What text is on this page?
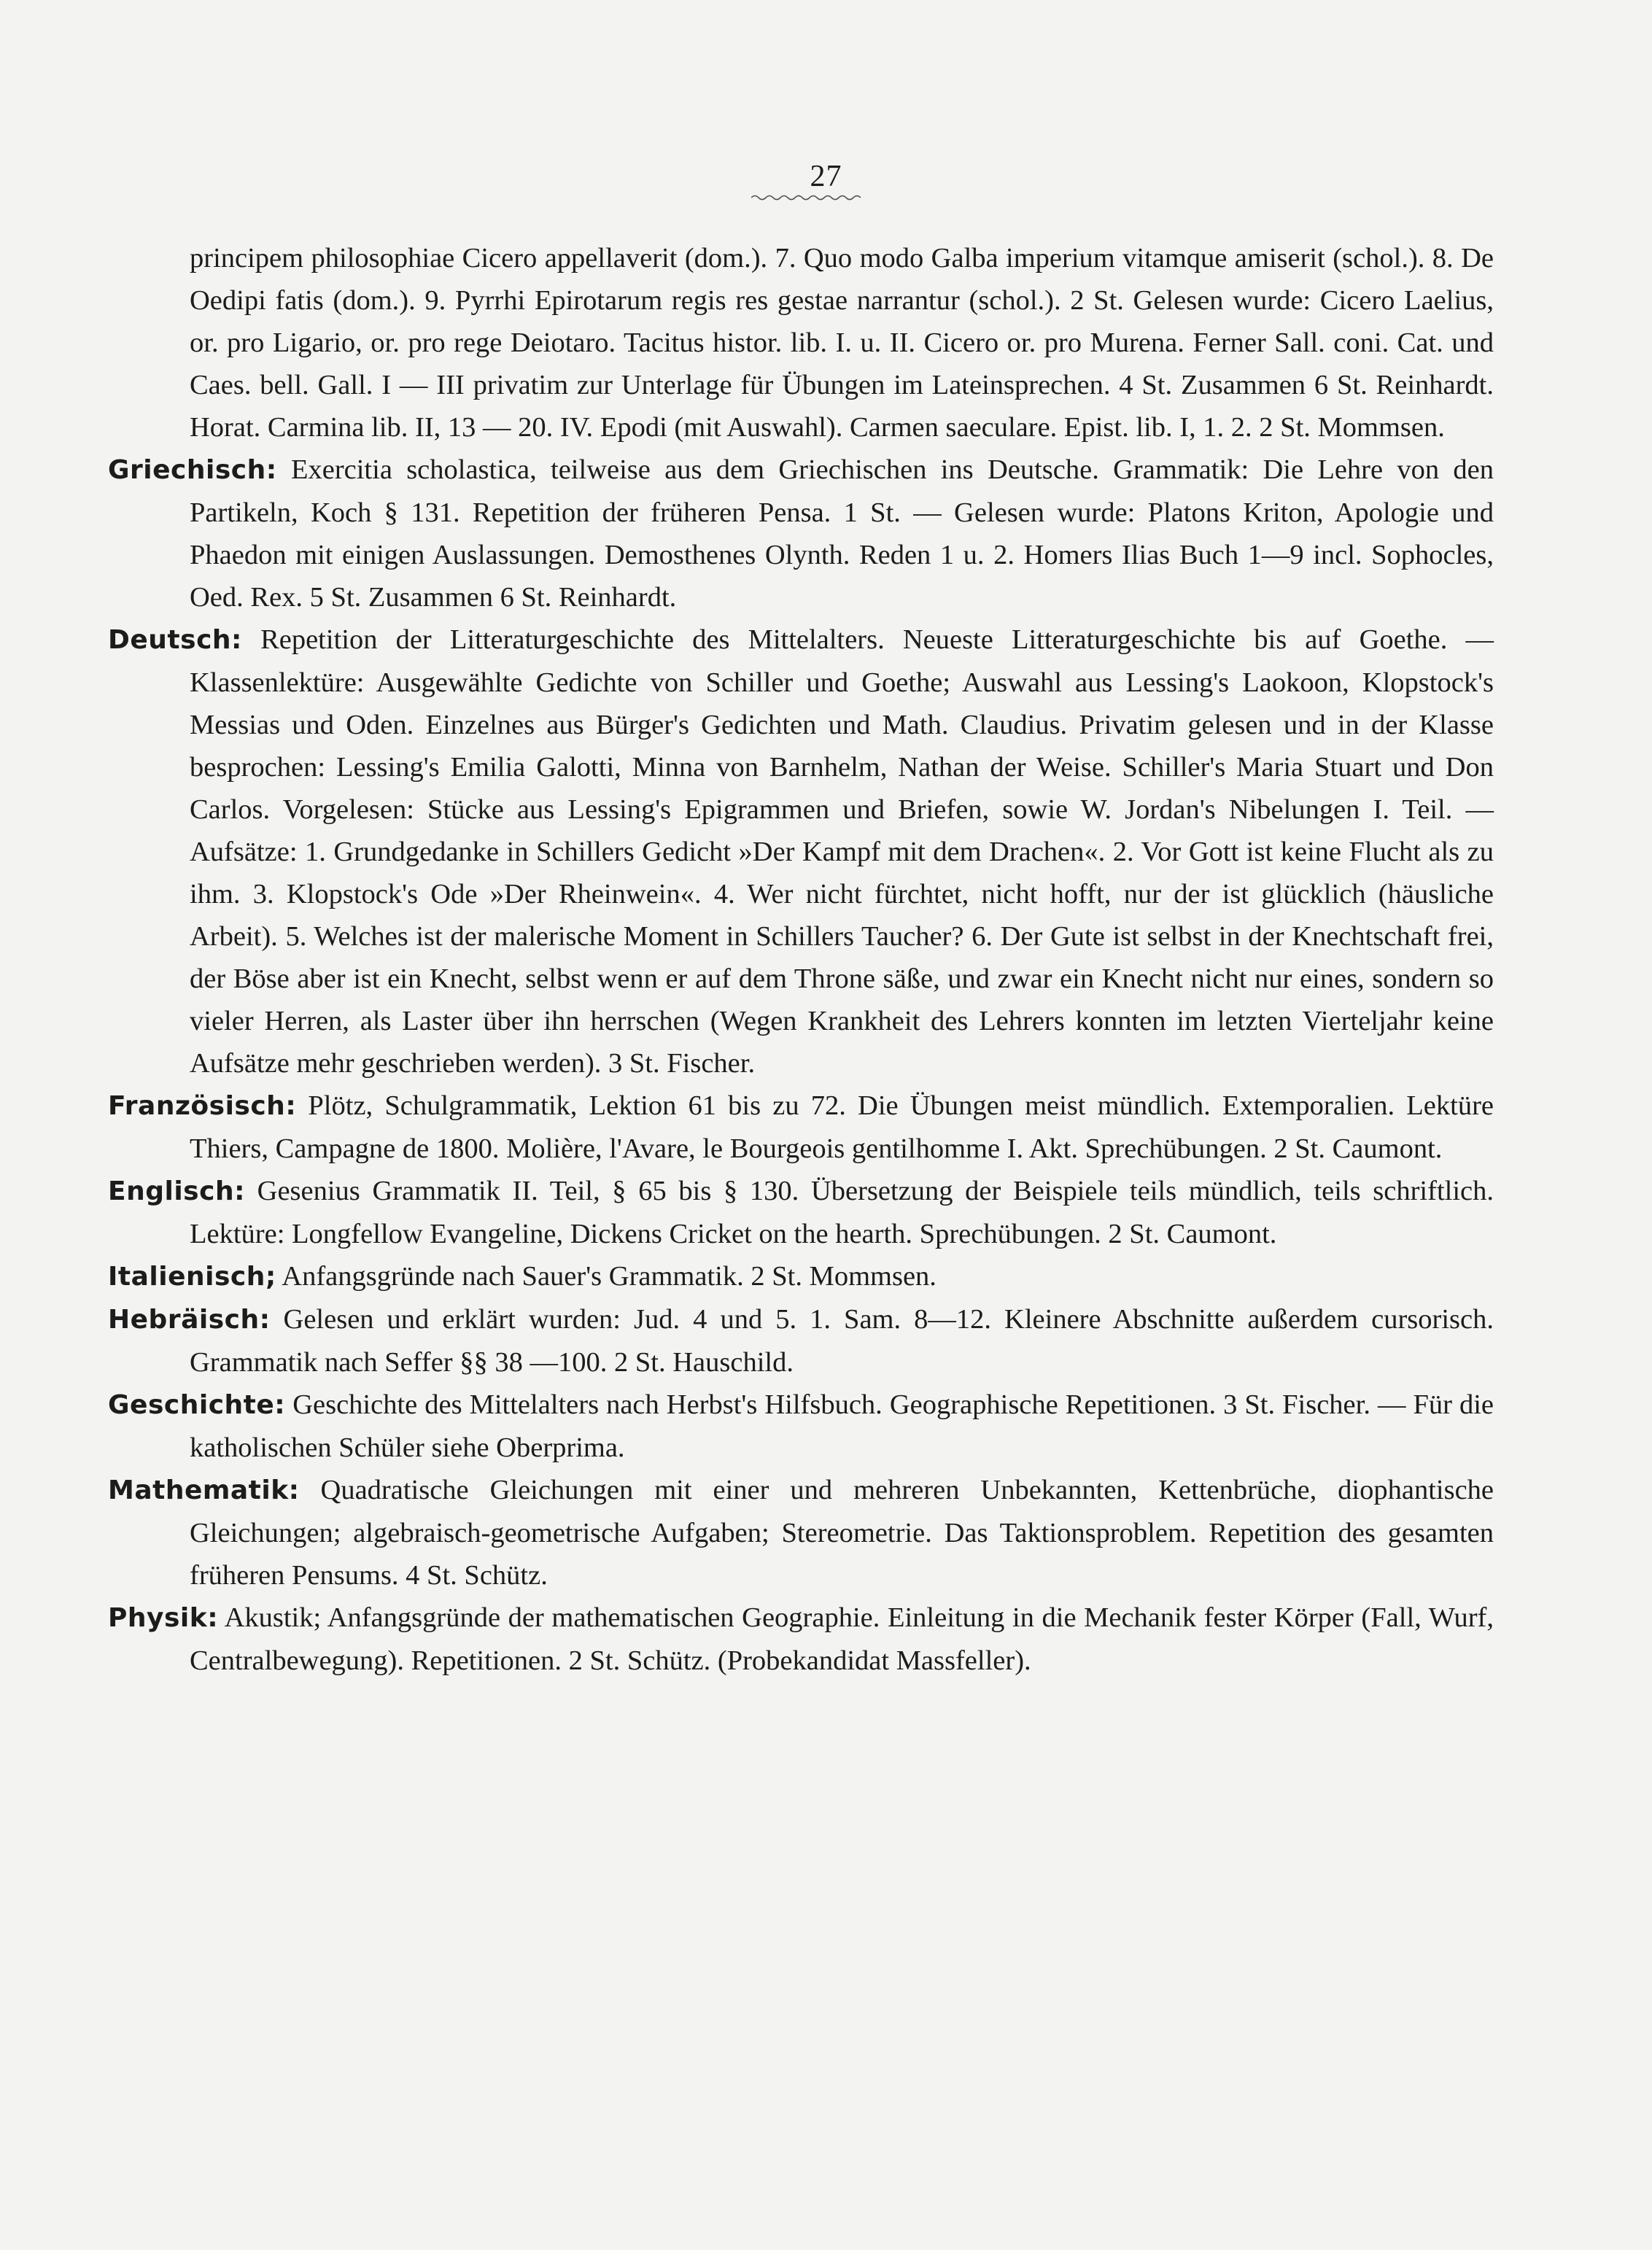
27

principem philosophiae Cicero appellaverit (dom.). 7. Quo modo Galba imperium vitamque amiserit (schol.). 8. De Oedipi fatis (dom.). 9. Pyrrhi Epirotarum regis res gestae narrantur (schol.). 2 St. Gelesen wurde: Cicero Laelius, or. pro Ligario, or. pro rege Deiotaro. Tacitus histor. lib. I. u. II. Cicero or. pro Murena. Ferner Sall. coni. Cat. und Caes. bell. Gall. I — III privatim zur Unterlage für Übungen im Lateinsprechen. 4 St. Zusammen 6 St. Reinhardt. Horat. Carmina lib. II, 13 — 20. IV. Epodi (mit Auswahl). Carmen saeculare. Epist. lib. I, 1. 2. 2 St. Mommsen.

Griechisch: Exercitia scholastica, teilweise aus dem Griechischen ins Deutsche. Grammatik: Die Lehre von den Partikeln, Koch § 131. Repetition der früheren Pensa. 1 St. — Gelesen wurde: Platons Kriton, Apologie und Phaedon mit einigen Auslassungen. Demosthenes Olynth. Reden 1 u. 2. Homers Ilias Buch 1—9 incl. Sophocles, Oed. Rex. 5 St. Zusammen 6 St. Reinhardt.

Deutsch: Repetition der Litteraturgeschichte des Mittelalters. Neueste Litteraturgeschichte bis auf Goethe. — Klassenlektüre: Ausgewählte Gedichte von Schiller und Goethe; Auswahl aus Lessing's Laokoon, Klopstock's Messias und Oden. Einzelnes aus Bürger's Gedichten und Math. Claudius. Privatim gelesen und in der Klasse besprochen: Lessing's Emilia Galotti, Minna von Barnhelm, Nathan der Weise. Schiller's Maria Stuart und Don Carlos. Vorgelesen: Stücke aus Lessing's Epigrammen und Briefen, sowie W. Jordan's Nibelungen I. Teil. — Aufsätze: 1. Grundgedanke in Schillers Gedicht »Der Kampf mit dem Drachen«. 2. Vor Gott ist keine Flucht als zu ihm. 3. Klopstock's Ode »Der Rheinwein«. 4. Wer nicht fürchtet, nicht hofft, nur der ist glücklich (häusliche Arbeit). 5. Welches ist der malerische Moment in Schillers Taucher? 6. Der Gute ist selbst in der Knechtschaft frei, der Böse aber ist ein Knecht, selbst wenn er auf dem Throne säße, und zwar ein Knecht nicht nur eines, sondern so vieler Herren, als Laster über ihn herrschen (Wegen Krankheit des Lehrers konnten im letzten Vierteljahr keine Aufsätze mehr geschrieben werden). 3 St. Fischer.

Französisch: Plötz, Schulgrammatik, Lektion 61 bis zu 72. Die Übungen meist mündlich. Extemporalien. Lektüre Thiers, Campagne de 1800. Molière, l'Avare, le Bourgeois gentilhomme I. Akt. Sprechübungen. 2 St. Caumont.

Englisch: Gesenius Grammatik II. Teil, § 65 bis § 130. Übersetzung der Beispiele teils mündlich, teils schriftlich. Lektüre: Longfellow Evangeline, Dickens Cricket on the hearth. Sprechübungen. 2 St. Caumont.

Italienisch; Anfangsgründe nach Sauer's Grammatik. 2 St. Mommsen.

Hebräisch: Gelesen und erklärt wurden: Jud. 4 und 5. 1. Sam. 8—12. Kleinere Abschnitte außerdem cursorisch. Grammatik nach Seffer §§ 38 —100. 2 St. Hauschild.

Geschichte: Geschichte des Mittelalters nach Herbst's Hilfsbuch. Geographische Repetitionen. 3 St. Fischer. — Für die katholischen Schüler siehe Oberprima.

Mathematik: Quadratische Gleichungen mit einer und mehreren Unbekannten, Kettenbrüche, diophantische Gleichungen; algebraisch-geometrische Aufgaben; Stereometrie. Das Taktionsproblem. Repetition des gesamten früheren Pensums. 4 St. Schütz.

Physik: Akustik; Anfangsgründe der mathematischen Geographie. Einleitung in die Mechanik fester Körper (Fall, Wurf, Centralbewegung). Repetitionen. 2 St. Schütz. (Probekandidat Massfeller).
